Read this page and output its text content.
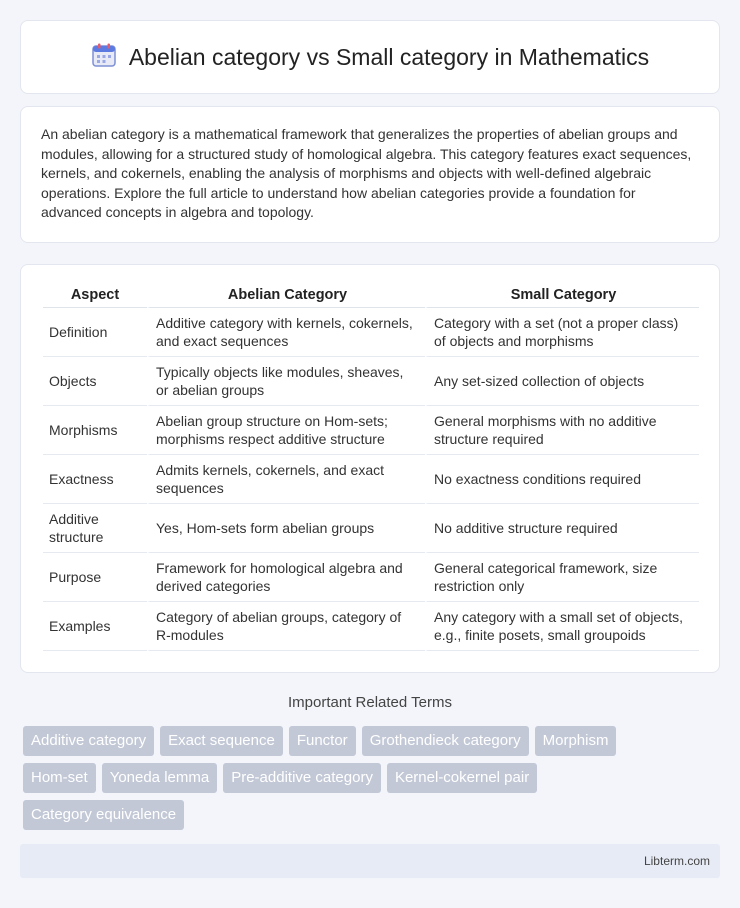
Abelian category vs Small category in Mathematics

An abelian category is a mathematical framework that generalizes the properties of abelian groups and modules, allowing for a structured study of homological algebra. This category features exact sequences, kernels, and cokernels, enabling the analysis of morphisms and objects with well-defined algebraic operations. Explore the full article to understand how abelian categories provide a foundation for advanced concepts in algebra and topology.

Aspect	Abelian Category	Small Category
Definition	Additive category with kernels, cokernels, and exact sequences	Category with a set (not a proper class) of objects and morphisms
Objects	Typically objects like modules, sheaves, or abelian groups	Any set-sized collection of objects
Morphisms	Abelian group structure on Hom-sets; morphisms respect additive structure	General morphisms with no additive structure required
Exactness	Admits kernels, cokernels, and exact sequences	No exactness conditions required
Additive structure	Yes, Hom-sets form abelian groups	No additive structure required
Purpose	Framework for homological algebra and derived categories	General categorical framework, size restriction only
Examples	Category of abelian groups, category of R-modules	Any category with a small set of objects, e.g., finite posets, small groupoids
Important Related Terms
Additive category	Exact sequence	Functor	Grothendieck category	Morphism
Hom-set	Yoneda lemma	Pre-additive category	Kernel-cokernel pair
Category equivalence
Libterm.com
